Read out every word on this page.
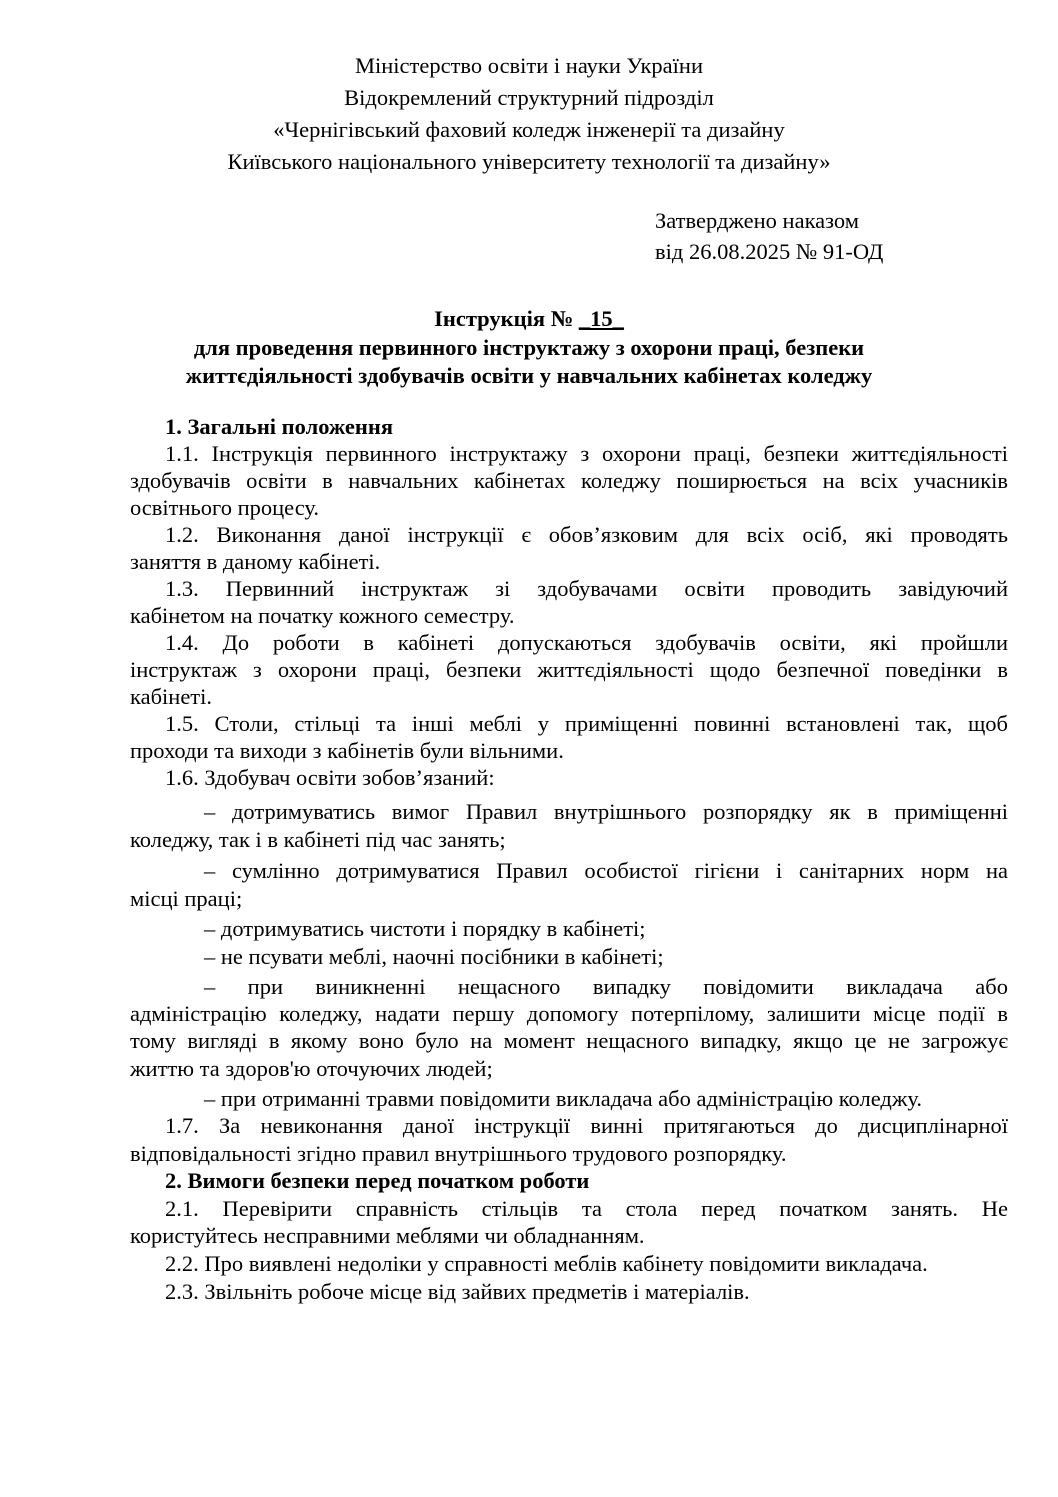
Міністерство освіти і науки України
Відокремлений структурний підрозділ
«Чернігівський фаховий коледж інженерії та дизайну
Київського національного університету технології та дизайну»
Затверджено наказом
від 26.08.2025 № 91-ОД
Інструкція № _15_
для проведення первинного інструктажу з охорони праці, безпеки
життєдіяльності здобувачів освіти у навчальних кабінетах коледжу
1. Загальні положення
1.1. Інструкція первинного інструктажу з охорони праці, безпеки життєдіяльності
здобувачів освіти в навчальних кабінетах коледжу поширюється на всіх учасників
освітнього процесу.
1.2. Виконання даної інструкції є обов’язковим для всіх осіб, які проводять
заняття в даному кабінеті.
1.3. Первинний інструктаж зі здобувачами освіти проводить завідуючий
кабінетом на початку кожного семестру.
1.4. До роботи в кабінеті допускаються здобувачів освіти, які пройшли
інструктаж з охорони праці, безпеки життєдіяльності щодо безпечної поведінки в
кабінеті.
1.5. Столи, стільці та інші меблі у приміщенні повинні встановлені так, щоб
проходи та виходи з кабінетів були вільними.
1.6. Здобувач освіти зобов’язаний:
– дотримуватись вимог Правил внутрішнього розпорядку як в приміщенні
коледжу, так і в кабінеті під час занять;
– сумлінно дотримуватися Правил особистої гігієни і санітарних норм на
місці праці;
– дотримуватись чистоти і порядку в кабінеті;
– не псувати меблі, наочні посібники в кабінеті;
– при виникненні нещасного випадку повідомити викладача або
адміністрацію коледжу, надати першу допомогу потерпілому, залишити місце події в
тому вигляді в якому воно було на момент нещасного випадку, якщо це не загрожує
життю та здоров'ю оточуючих людей;
– при отриманні травми повідомити викладача або адміністрацію коледжу.
1.7. За невиконання даної інструкції винні притягаються до дисциплінарної
відповідальності згідно правил внутрішнього трудового розпорядку.
2. Вимоги безпеки перед початком роботи
2.1. Перевірити справність стільців та стола перед початком занять. Не
користуйтесь несправними меблями чи обладнанням.
2.2. Про виявлені недоліки у справності меблів кабінету повідомити викладача.
2.3. Звільніть робоче місце від зайвих предметів і матеріалів.
